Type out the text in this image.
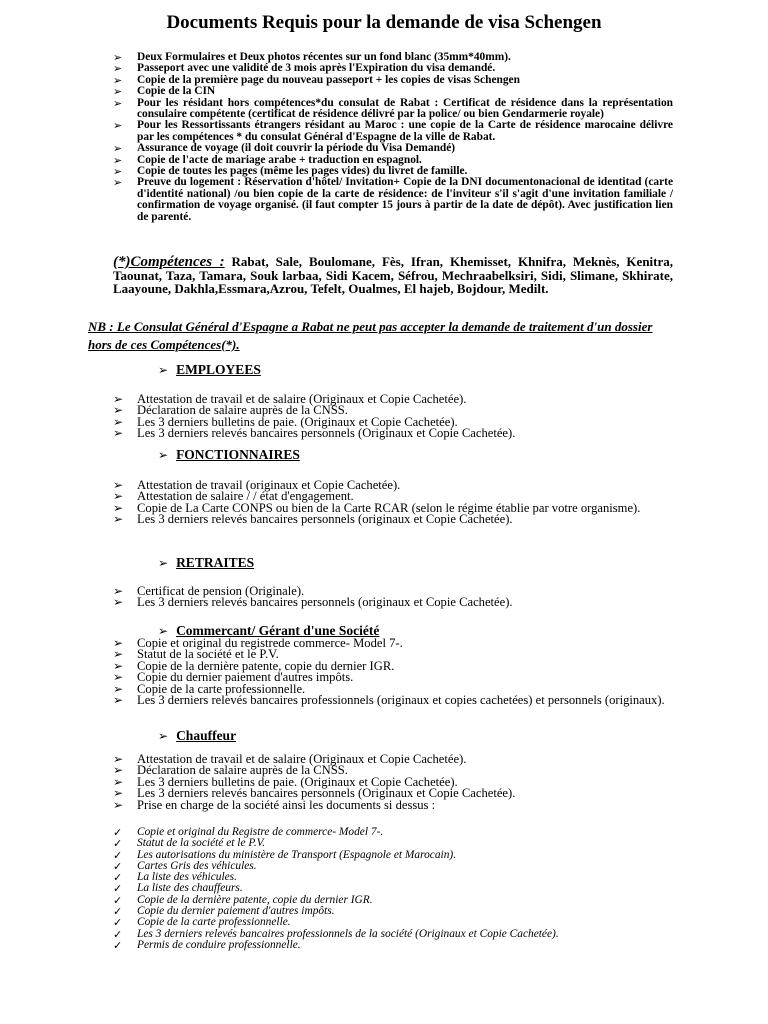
Documents Requis pour la demande de visa Schengen
➢ Deux Formulaires et Deux photos récentes sur un fond blanc (35mm*40mm).
➢ Passeport avec une validité de 3 mois après l'Expiration du visa demandé.
➢ Copie de la première page du nouveau passeport + les copies de visas Schengen
➢ Copie de la CIN
➢ Pour les résidant hors compétences*du consulat de Rabat : Certificat de résidence dans la représentation consulaire compétente (certificat de résidence délivré par la police/ ou bien Gendarmerie royale)
➢ Pour les Ressortissants étrangers résidant au Maroc : une copie de la Carte de résidence marocaine délivre par les compétences * du consulat Général d'Espagne de la ville de Rabat.
➢ Assurance de voyage (il doit couvrir la période du Visa Demandé)
➢ Copie de l'acte de mariage arabe + traduction en espagnol.
➢ Copie de toutes les pages (même les pages vides) du livret de famille.
➢ Preuve du logement : Réservation d'hôtel/ Invitation+ Copie de la DNI documentonacional de identitad (carte d'identité national) /ou bien copie de la carte de résidence: de l'inviteur s'il s'agit d'une invitation familiale / confirmation de voyage organisé. (il faut compter 15 jours à partir de la date de dépôt). Avec justification lien de parenté.
(*)Compétences : Rabat, Sale, Boulomane, Fès, Ifran, Khemisset, Khnifra, Meknès, Kenitra, Taounat, Taza, Tamara, Souk larbaa, Sidi Kacem, Séfrou, Mechraabelksiri, Sidi, Slimane, Skhirate, Laayoune, Dakhla,Essmara,Azrou, Tefelt, Oualmes, El hajeb, Bojdour, Medilt.
NB : Le Consulat Général d'Espagne a Rabat ne peut pas accepter la demande de traitement d'un dossier hors de ces Compétences(*).
➢ EMPLOYEES
➢ Attestation de travail et de salaire (Originaux et Copie Cachetée).
➢ Déclaration de salaire auprès de la CNSS.
➢ Les 3 derniers bulletins de paie. (Originaux et Copie Cachetée).
➢ Les 3 derniers relevés bancaires personnels (Originaux et Copie Cachetée).
➢ FONCTIONNAIRES
➢ Attestation de travail (originaux et Copie Cachetée).
➢ Attestation de salaire / / état d'engagement.
➢ Copie de La Carte CONPS ou bien de la Carte RCAR (selon le régime établie par votre organisme).
➢ Les 3 derniers relevés bancaires personnels (originaux et Copie Cachetée).
➢ RETRAITES
➢ Certificat de pension (Originale).
➢ Les 3 derniers relevés bancaires personnels (originaux et Copie Cachetée).
➢ Commercant/ Gérant d'une Société
➢ Copie et original du registrede commerce- Model 7-.
➢ Statut de la société et le P.V.
➢ Copie de la dernière patente, copie du dernier IGR.
➢ Copie du dernier paiement d'autres impôts.
➢ Copie de la carte professionnelle.
➢ Les 3 derniers relevés bancaires professionnels (originaux et copies cachetées) et personnels (originaux).
➢ Chauffeur
➢ Attestation de travail et de salaire (Originaux et Copie Cachetée).
➢ Déclaration de salaire auprès de la CNSS.
➢ Les 3 derniers bulletins de paie. (Originaux et Copie Cachetée).
➢ Les 3 derniers relevés bancaires personnels (Originaux et Copie Cachetée).
➢ Prise en charge de la société ainsi les documents si dessus :
✓ Copie et original du Registre de commerce- Model 7-.
✓ Statut de la société et le P.V.
✓ Les autorisations du ministère de Transport (Espagnole et Marocain).
✓ Cartes Gris des véhicules.
✓ La liste des véhicules.
✓ La liste des chauffeurs.
✓ Copie de la dernière patente, copie du dernier IGR.
✓ Copie du dernier paiement d'autres impôts.
✓ Copie de la carte professionnelle.
✓ Les 3 derniers relevés bancaires professionnels de la société (Originaux et Copie Cachetée).
✓ Permis de conduire professionnelle.
